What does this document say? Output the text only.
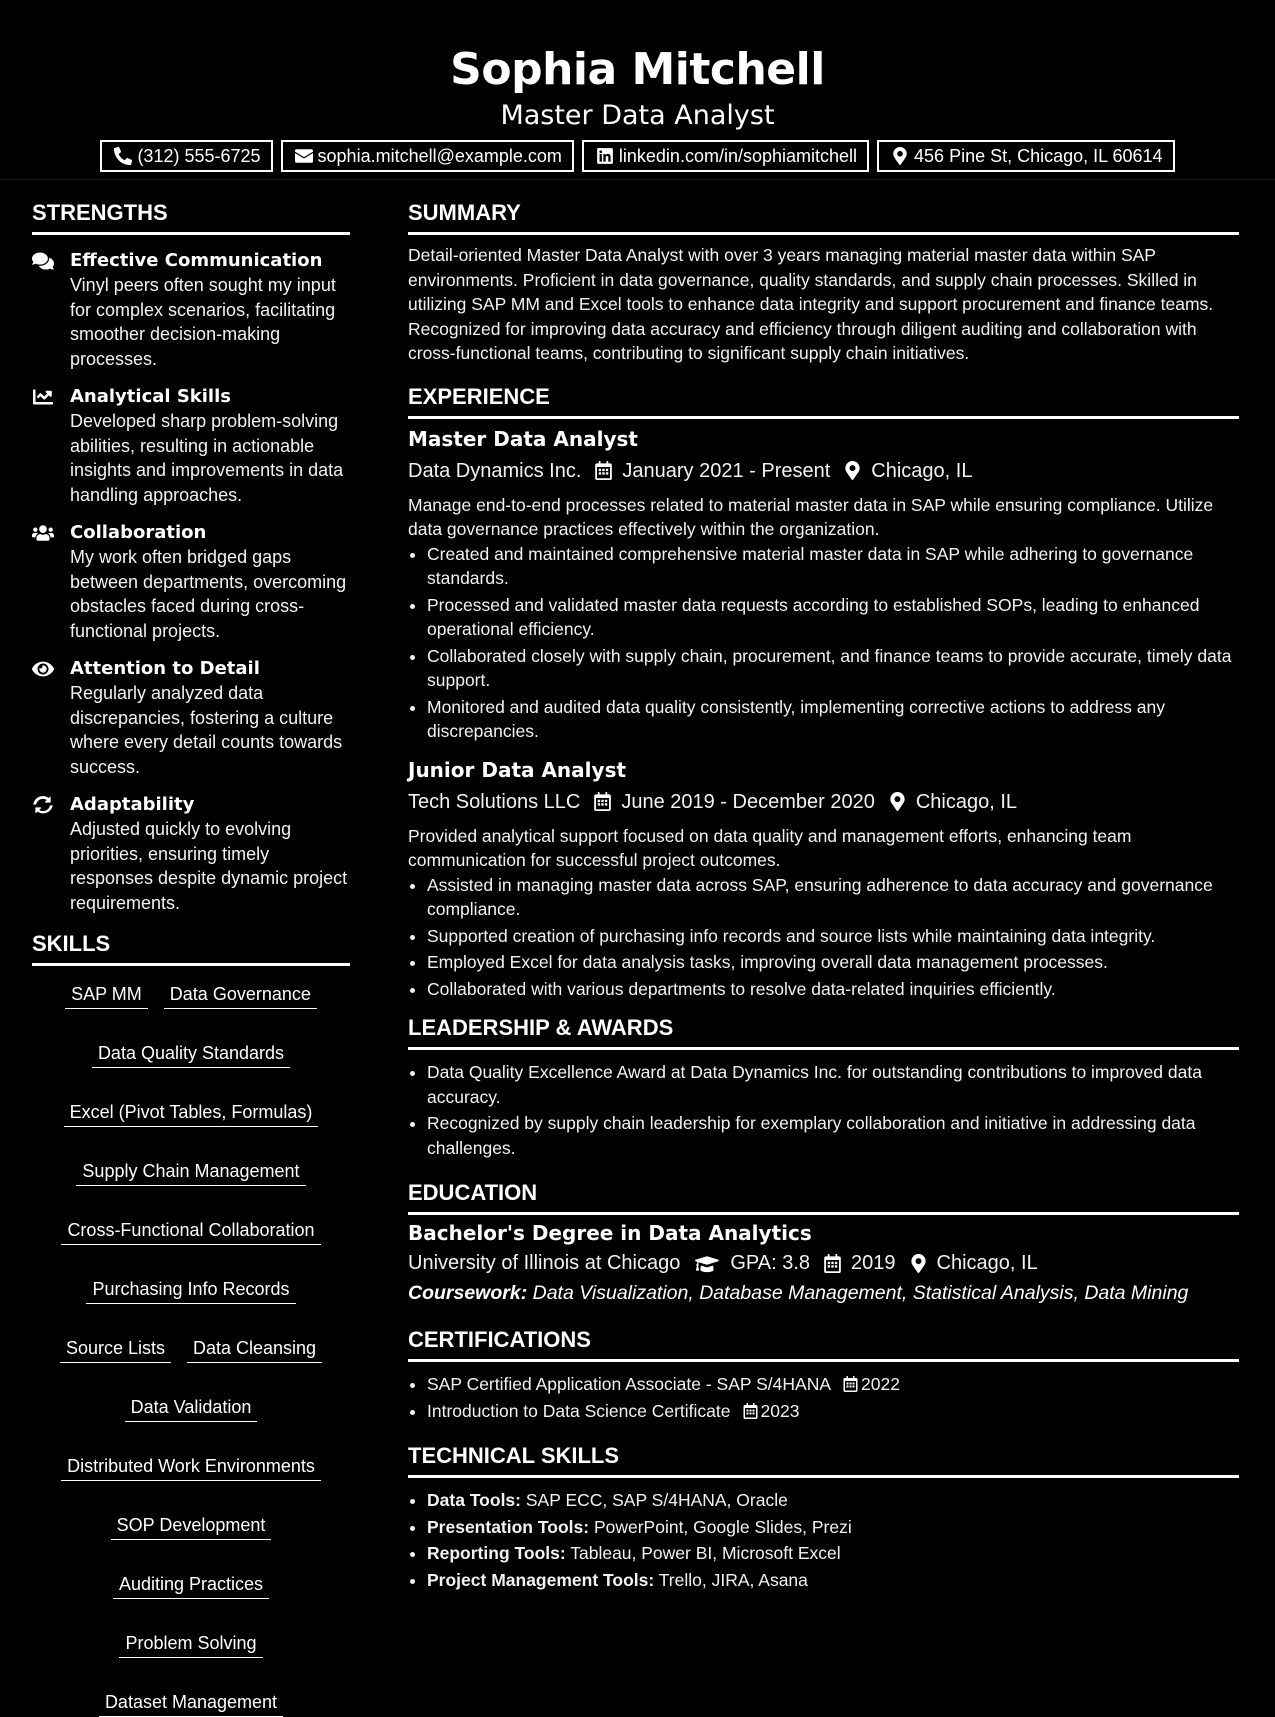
Sophia Mitchell
Master Data Analyst
(312) 555-6725	sophia.mitchell@example.com	linkedin.com/in/sophiamitchell	456 Pine St, Chicago, IL 60614
STRENGTHS
Effective Communication
Vinyl peers often sought my input for complex scenarios, facilitating smoother decision-making processes.
Analytical Skills
Developed sharp problem-solving abilities, resulting in actionable insights and improvements in data handling approaches.
Collaboration
My work often bridged gaps between departments, overcoming obstacles faced during cross-functional projects.
Attention to Detail
Regularly analyzed data discrepancies, fostering a culture where every detail counts towards success.
Adaptability
Adjusted quickly to evolving priorities, ensuring timely responses despite dynamic project requirements.
SKILLS
SAP MM	Data Governance
Data Quality Standards
Excel (Pivot Tables, Formulas)
Supply Chain Management
Cross-Functional Collaboration
Purchasing Info Records
Source Lists	Data Cleansing
Data Validation
Distributed Work Environments
SOP Development
Auditing Practices
Problem Solving
Dataset Management
SUMMARY

Detail-oriented Master Data Analyst with over 3 years managing material master data within SAP environments. Proficient in data governance, quality standards, and supply chain processes. Skilled in utilizing SAP MM and Excel tools to enhance data integrity and support procurement and finance teams. Recognized for improving data accuracy and efficiency through diligent auditing and collaboration with cross-functional teams, contributing to significant supply chain initiatives.

EXPERIENCE
Master Data Analyst
Data Dynamics Inc. January 2021 - Present Chicago, IL

Manage end-to-end processes related to material master data in SAP while ensuring compliance. Utilize data governance practices effectively within the organization.

• Created and maintained comprehensive material master data in SAP while adhering to governance standards.
• Processed and validated master data requests according to established SOPs, leading to enhanced operational efficiency.
• Collaborated closely with supply chain, procurement, and finance teams to provide accurate, timely data support.
• Monitored and audited data quality consistently, implementing corrective actions to address any discrepancies.
Junior Data Analyst
Tech Solutions LLC June 2019 - December 2020 Chicago, IL

Provided analytical support focused on data quality and management efforts, enhancing team communication for successful project outcomes.

• Assisted in managing master data across SAP, ensuring adherence to data accuracy and governance compliance.
• Supported creation of purchasing info records and source lists while maintaining data integrity.
• Employed Excel for data analysis tasks, improving overall data management processes.
• Collaborated with various departments to resolve data-related inquiries efficiently.
LEADERSHIP & AWARDS
• Data Quality Excellence Award at Data Dynamics Inc. for outstanding contributions to improved data accuracy.
• Recognized by supply chain leadership for exemplary collaboration and initiative in addressing data challenges.
EDUCATION
Bachelor's Degree in Data Analytics
University of Illinois at Chicago	GPA: 3.8 2019 Chicago, IL
Coursework: Data Visualization, Database Management, Statistical Analysis, Data Mining
CERTIFICATIONS
• SAP Certified Application Associate - SAP S/4HANA 2022
• Introduction to Data Science Certificate 2023
TECHNICAL SKILLS
• Data Tools: SAP ECC, SAP S/4HANA, Oracle
• Presentation Tools: PowerPoint, Google Slides, Prezi
• Reporting Tools: Tableau, Power BI, Microsoft Excel
• Project Management Tools: Trello, JIRA, Asana
